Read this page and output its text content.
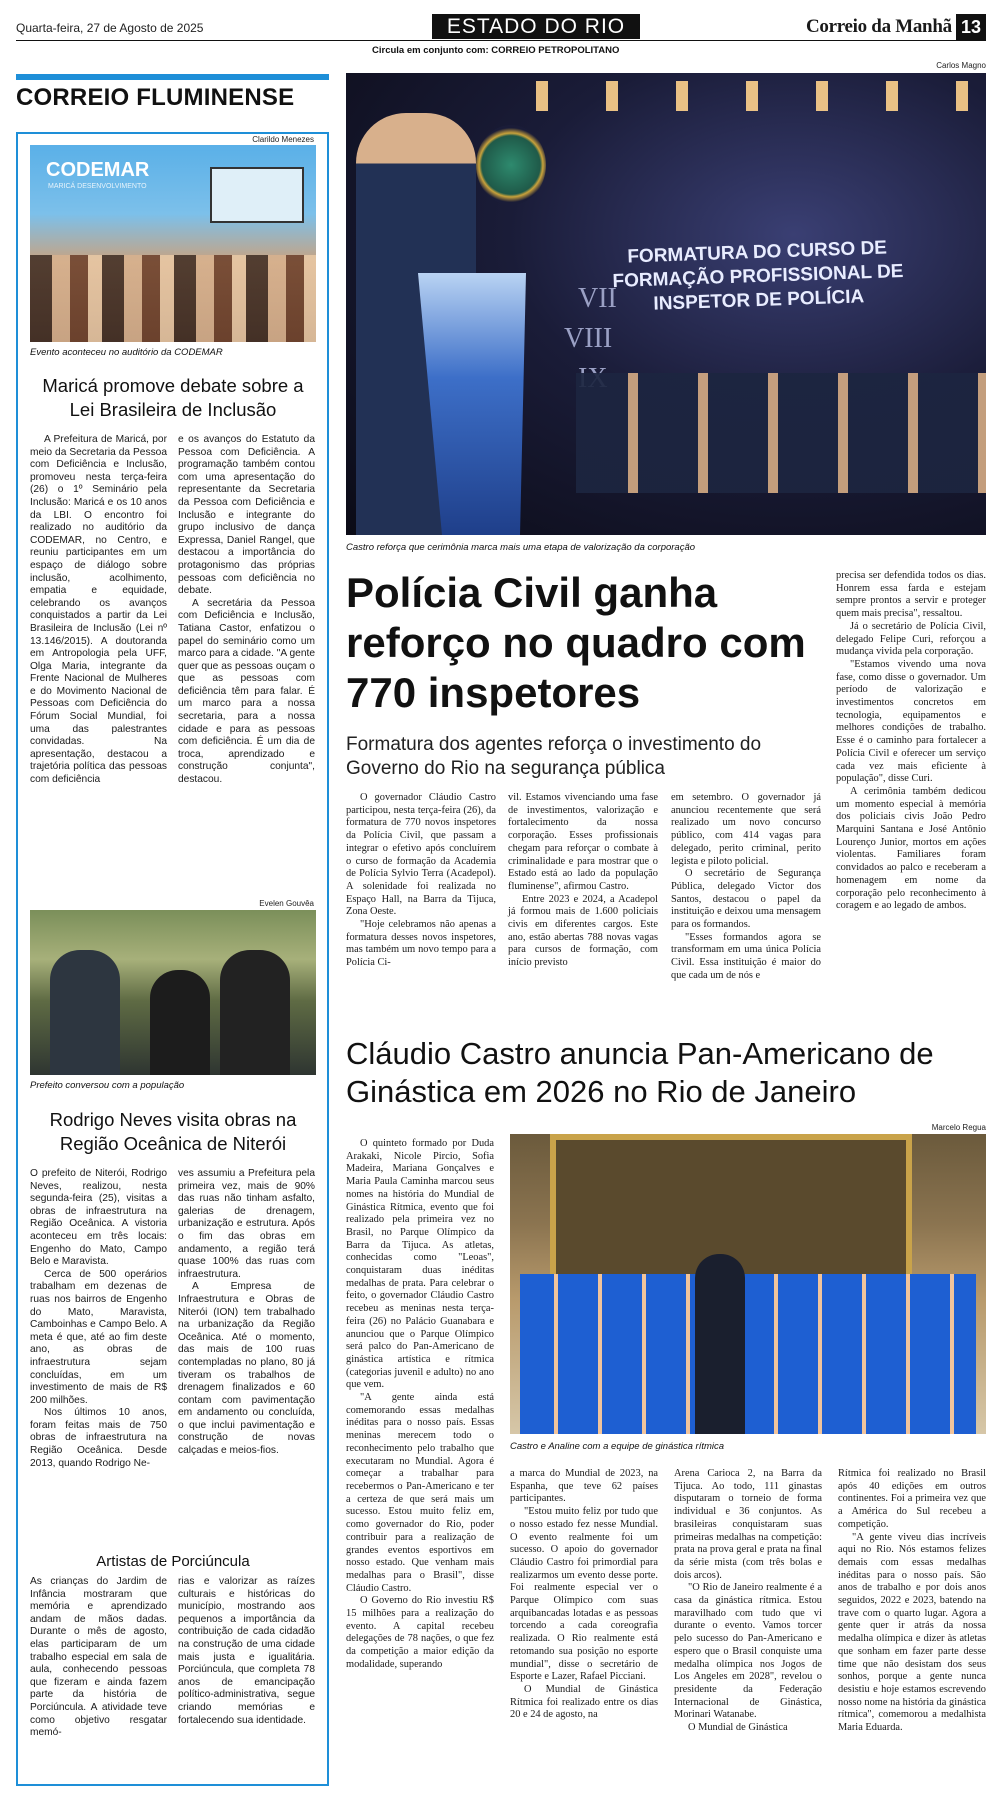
Quarta-feira, 27 de Agosto de 2025	ESTADO DO RIO	Correio da Manhã 13
Circula em conjunto com: CORREIO PETROPOLITANO
CORREIO FLUMINENSE
Clarildo Menezes
CODEMAR
MARICÁ DESENVOLVIMENTO
Evento aconteceu no auditório da CODEMAR
Maricá promove debate sobre a Lei Brasileira de Inclusão

A Prefeitura de Maricá, por meio da Secretaria da Pessoa com Deficiência e Inclusão, promoveu nesta terça-feira (26) o 1º Seminário pela Inclusão: Maricá e os 10 anos da LBI. O encontro foi realizado no auditório da CODEMAR, no Centro, e reuniu participantes em um espaço de diálogo sobre inclusão, acolhimento, empatia e equidade, celebrando os avanços conquistados a partir da Lei Brasileira de Inclusão (Lei nº 13.146/2015). A doutoranda em Antropologia pela UFF, Olga Maria, integrante da Frente Nacional de Mulheres e do Movimento Nacional de Pessoas com Deficiência do Fórum Social Mundial, foi uma das palestrantes convidadas. Na apresentação, destacou a trajetória política das pessoas com deficiência

e os avanços do Estatuto da Pessoa com Deficiência. A programação também contou com uma apresentação do representante da Secretaria da Pessoa com Deficiência e Inclusão e integrante do grupo inclusivo de dança Expressa, Daniel Rangel, que destacou a importância do protagonismo das próprias pessoas com deficiência no debate.

A secretária da Pessoa com Deficiência e Inclusão, Tatiana Castor, enfatizou o papel do seminário como um marco para a cidade. "A gente quer que as pessoas ouçam o que as pessoas com deficiência têm para falar. É um marco para a nossa secretaria, para a nossa cidade e para as pessoas com deficiência. É um dia de troca, aprendizado e construção conjunta", destacou.

Evelen Gouvêa
Prefeito conversou com a população
Rodrigo Neves visita obras na Região Oceânica de Niterói

O prefeito de Niterói, Rodrigo Neves, realizou, nesta segunda-feira (25), visitas a obras de infraestrutura na Região Oceânica. A vistoria aconteceu em três locais: Engenho do Mato, Campo Belo e Maravista.

Cerca de 500 operários trabalham em dezenas de ruas nos bairros de Engenho do Mato, Maravista, Camboinhas e Campo Belo. A meta é que, até ao fim deste ano, as obras de infraestrutura sejam concluídas, em um investimento de mais de R$ 200 milhões.

Nos últimos 10 anos, foram feitas mais de 750 obras de infraestrutura na Região Oceânica. Desde 2013, quando Rodrigo Ne-

ves assumiu a Prefeitura pela primeira vez, mais de 90% das ruas não tinham asfalto, galerias de drenagem, urbanização e estrutura. Após o fim das obras em andamento, a região terá quase 100% das ruas com infraestrutura.

A Empresa de Infraestrutura e Obras de Niterói (ION) tem trabalhado na urbanização da Região Oceânica. Até o momento, das mais de 100 ruas contempladas no plano, 80 já tiveram os trabalhos de drenagem finalizados e 60 contam com pavimentação em andamento ou concluída, o que inclui pavimentação e construção de novas calçadas e meios-fios.

Artistas de Porciúncula

As crianças do Jardim de Infância mostraram que memória e aprendizado andam de mãos dadas. Durante o mês de agosto, elas participaram de um trabalho especial em sala de aula, conhecendo pessoas que fizeram e ainda fazem parte da história de Porciúncula. A atividade teve como objetivo resgatar memó-

rias e valorizar as raízes culturais e históricas do município, mostrando aos pequenos a importância da contribuição de cada cidadão na construção de uma cidade mais justa e igualitária. Porciúncula, que completa 78 anos de emancipação político-administrativa, segue criando memórias e fortalecendo sua identidade.

Carlos Magno
FORMATURA DO CURSO DE FORMAÇÃO PROFISSIONAL DE INSPETOR DE POLÍCIA
VII
VIII
Castro reforça que cerimônia marca mais uma etapa de valorização da corporação
Polícia Civil ganha reforço no quadro com 770 inspetores
Formatura dos agentes reforça o investimento do Governo do Rio na segurança pública

O governador Cláudio Castro participou, nesta terça-feira (26), da formatura de 770 novos inspetores da Polícia Civil, que passam a integrar o efetivo após concluírem o curso de formação da Academia de Polícia Sylvio Terra (Acadepol). A solenidade foi realizada no Espaço Hall, na Barra da Tijuca, Zona Oeste.

"Hoje celebramos não apenas a formatura desses novos inspetores, mas também um novo tempo para a Polícia Ci-

vil. Estamos vivenciando uma fase de investimentos, valorização e fortalecimento da nossa corporação. Esses profissionais chegam para reforçar o combate à criminalidade e para mostrar que o Estado está ao lado da população fluminense", afirmou Castro.

Entre 2023 e 2024, a Acadepol já formou mais de 1.600 policiais civis em diferentes cargos. Este ano, estão abertas 788 novas vagas para cursos de formação, com início previsto

em setembro. O governador já anunciou recentemente que será realizado um novo concurso público, com 414 vagas para delegado, perito criminal, perito legista e piloto policial.

O secretário de Segurança Pública, delegado Victor dos Santos, destacou o papel da instituição e deixou uma mensagem para os formandos.

"Esses formandos agora se transformam em uma única Polícia Civil. Essa instituição é maior do que cada um de nós e

precisa ser defendida todos os dias. Honrem essa farda e estejam sempre prontos a servir e proteger quem mais precisa", ressaltou.

Já o secretário de Polícia Civil, delegado Felipe Curi, reforçou a mudança vivida pela corporação.

"Estamos vivendo uma nova fase, como disse o governador. Um período de valorização e investimentos concretos em tecnologia, equipamentos e melhores condições de trabalho. Esse é o caminho para fortalecer a Polícia Civil e oferecer um serviço cada vez mais eficiente à população", disse Curi.

A cerimônia também dedicou um momento especial à memória dos policiais civis João Pedro Marquini Santana e José Antônio Lourenço Junior, mortos em ações violentas. Familiares foram convidados ao palco e receberam a homenagem em nome da corporação pelo reconhecimento à coragem e ao legado de ambos.

Cláudio Castro anuncia Pan-Americano de Ginástica em 2026 no Rio de Janeiro

O quinteto formado por Duda Arakaki, Nicole Pircio, Sofia Madeira, Mariana Gonçalves e Maria Paula Caminha marcou seus nomes na história do Mundial de Ginástica Rítmica, evento que foi realizado pela primeira vez no Brasil, no Parque Olímpico da Barra da Tijuca. As atletas, conhecidas como "Leoas", conquistaram duas inéditas medalhas de prata. Para celebrar o feito, o governador Cláudio Castro recebeu as meninas nesta terça-feira (26) no Palácio Guanabara e anunciou que o Parque Olímpico será palco do Pan-Americano de ginástica artística e rítmica (categorias juvenil e adulto) no ano que vem.

"A gente ainda está comemorando essas medalhas inéditas para o nosso país. Essas meninas merecem todo o reconhecimento pelo trabalho que executaram no Mundial. Agora é começar a trabalhar para recebermos o Pan-Americano e ter a certeza de que será mais um sucesso. Estou muito feliz em, como governador do Rio, poder contribuir para a realização de grandes eventos esportivos em nosso estado. Que venham mais medalhas para o Brasil", disse Cláudio Castro.

O Governo do Rio investiu R$ 15 milhões para a realização do evento. A capital recebeu delegações de 78 nações, o que fez da competição a maior edição da modalidade, superando

Marcelo Regua
Castro e Analine com a equipe de ginástica rítmica

a marca do Mundial de 2023, na Espanha, que teve 62 países participantes.

"Estou muito feliz por tudo que o nosso estado fez nesse Mundial. O evento realmente foi um sucesso. O apoio do governador Cláudio Castro foi primordial para realizarmos um evento desse porte. Foi realmente especial ver o Parque Olímpico com suas arquibancadas lotadas e as pessoas torcendo a cada coreografia realizada. O Rio realmente está retomando sua posição no esporte mundial", disse o secretário de Esporte e Lazer, Rafael Picciani.

O Mundial de Ginástica Rítmica foi realizado entre os dias 20 e 24 de agosto, na

Arena Carioca 2, na Barra da Tijuca. Ao todo, 111 ginastas disputaram o torneio de forma individual e 36 conjuntos. As brasileiras conquistaram suas primeiras medalhas na competição: prata na prova geral e prata na final da série mista (com três bolas e dois arcos).

"O Rio de Janeiro realmente é a casa da ginástica rítmica. Estou maravilhado com tudo que vi durante o evento. Vamos torcer pelo sucesso do Pan-Americano e espero que o Brasil conquiste uma medalha olímpica nos Jogos de Los Angeles em 2028", revelou o presidente da Federação Internacional de Ginástica, Morinari Watanabe.

O Mundial de Ginástica

Rítmica foi realizado no Brasil após 40 edições em outros continentes. Foi a primeira vez que a América do Sul recebeu a competição.

"A gente viveu dias incríveis aqui no Rio. Nós estamos felizes demais com essas medalhas inéditas para o nosso país. São anos de trabalho e por dois anos seguidos, 2022 e 2023, batendo na trave com o quarto lugar. Agora a gente quer ir atrás da nossa medalha olímpica e dizer às atletas que sonham em fazer parte desse time que não desistam dos seus sonhos, porque a gente nunca desistiu e hoje estamos escrevendo nosso nome na história da ginástica rítmica", comemorou a medalhista Maria Eduarda.
